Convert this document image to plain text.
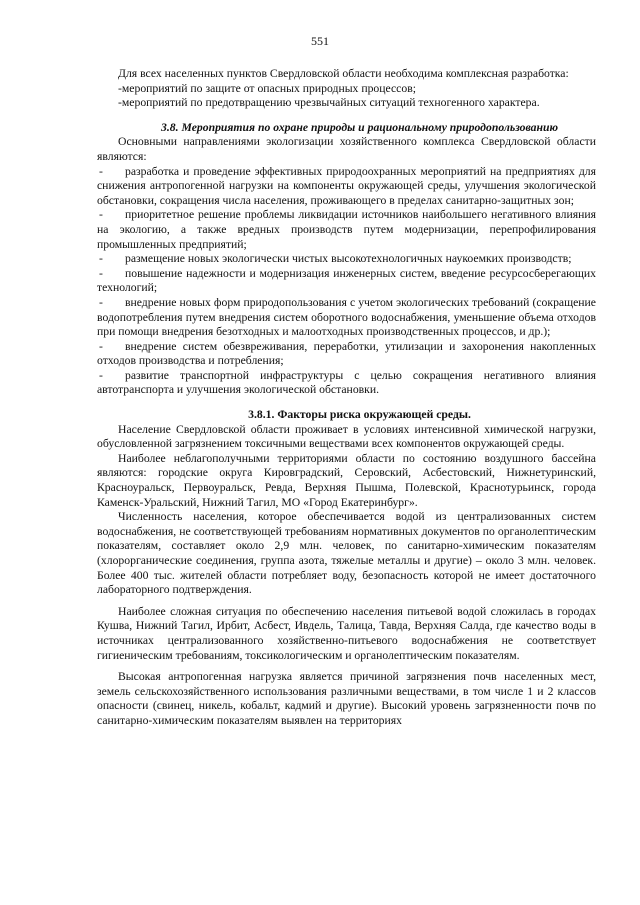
551

Для всех населенных пунктов Свердловской области необходима комплексная разработка:

-мероприятий по защите от опасных природных процессов;

-мероприятий по предотвращению чрезвычайных ситуаций техногенного характера.

3.8. Мероприятия по охране природы и рациональному природопользованию

Основными направлениями экологизации хозяйственного комплекса Свердловской области являются:

- разработка и проведение эффективных природоохранных мероприятий на предприятиях для снижения антропогенной нагрузки на компоненты окружающей среды, улучшения экологической обстановки, сокращения числа населения, проживающего в пределах санитарно-защитных зон;

- приоритетное решение проблемы ликвидации источников наибольшего негативного влияния на экологию, а также вредных производств путем модернизации, перепрофилирования промышленных предприятий;

- размещение новых экологически чистых высокотехнологичных наукоемких производств;

- повышение надежности и модернизация инженерных систем, введение ресурсосберегающих технологий;

- внедрение новых форм природопользования с учетом экологических требований (сокращение водопотребления путем внедрения систем оборотного водоснабжения, уменьшение объема отходов при помощи внедрения безотходных и малоотходных производственных процессов, и др.);

- внедрение систем обезвреживания, переработки, утилизации и захоронения накопленных отходов производства и потребления;

- развитие транспортной инфраструктуры с целью сокращения негативного влияния автотранспорта и улучшения экологической обстановки.

3.8.1. Факторы риска окружающей среды.

Население Свердловской области проживает в условиях интенсивной химической нагрузки, обусловленной загрязнением токсичными веществами всех компонентов окружающей среды.

Наиболее неблагополучными территориями области по состоянию воздушного бассейна являются: городские округа Кировградский, Серовский, Асбестовский, Нижнетуринский, Красноуральск, Первоуральск, Ревда, Верхняя Пышма, Полевской, Краснотурьинск, города Каменск-Уральский, Нижний Тагил, МО «Город Екатеринбург».

Численность населения, которое обеспечивается водой из централизованных систем водоснабжения, не соответствующей требованиям нормативных документов по органолептическим показателям, составляет около 2,9 млн. человек, по санитарно-химическим показателям (хлорорганические соединения, группа азота, тяжелые металлы и другие) – около 3 млн. человек. Более 400 тыс. жителей области потребляет воду, безопасность которой не имеет достаточного лабораторного подтверждения.

Наиболее сложная ситуация по обеспечению населения питьевой водой сложилась в городах Кушва, Нижний Тагил, Ирбит, Асбест, Ивдель, Талица, Тавда, Верхняя Салда, где качество воды в источниках централизованного хозяйственно-питьевого водоснабжения не соответствует гигиеническим требованиям, токсикологическим и органолептическим показателям.

Высокая антропогенная нагрузка является причиной загрязнения почв населенных мест, земель сельскохозяйственного использования различными веществами, в том числе 1 и 2 классов опасности (свинец, никель, кобальт, кадмий и другие). Высокий уровень загрязненности почв по санитарно-химическим показателям выявлен на территориях
